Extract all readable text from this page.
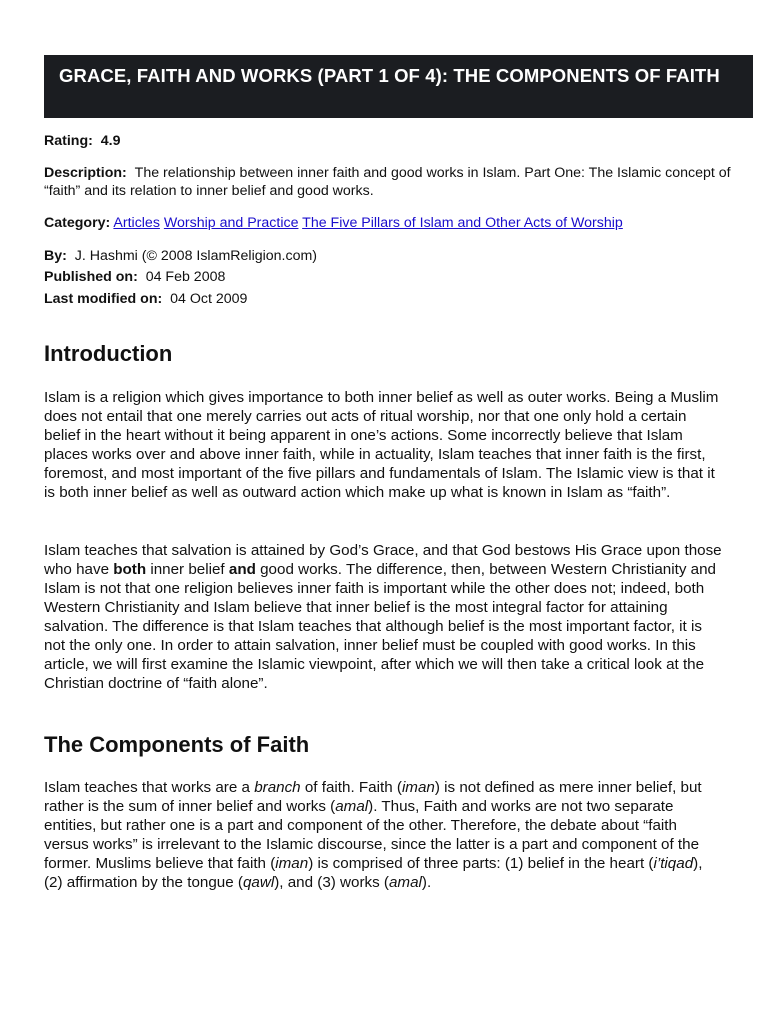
GRACE, FAITH AND WORKS (PART 1 OF 4): THE COMPONENTS OF FAITH
Rating: 4.9
Description: The relationship between inner faith and good works in Islam. Part One: The Islamic concept of “faith” and its relation to inner belief and good works.
Category: Articles Worship and Practice The Five Pillars of Islam and Other Acts of Worship
By: J. Hashmi (© 2008 IslamReligion.com)
Published on: 04 Feb 2008
Last modified on: 04 Oct 2009
Introduction

Islam is a religion which gives importance to both inner belief as well as outer works. Being a Muslim does not entail that one merely carries out acts of ritual worship, nor that one only hold a certain belief in the heart without it being apparent in one’s actions. Some incorrectly believe that Islam places works over and above inner faith, while in actuality, Islam teaches that inner faith is the first, foremost, and most important of the five pillars and fundamentals of Islam. The Islamic view is that it is both inner belief as well as outward action which make up what is known in Islam as “faith”.

Islam teaches that salvation is attained by God’s Grace, and that God bestows His Grace upon those who have both inner belief and good works. The difference, then, between Western Christianity and Islam is not that one religion believes inner faith is important while the other does not; indeed, both Western Christianity and Islam believe that inner belief is the most integral factor for attaining salvation. The difference is that Islam teaches that although belief is the most important factor, it is not the only one. In order to attain salvation, inner belief must be coupled with good works. In this article, we will first examine the Islamic viewpoint, after which we will then take a critical look at the Christian doctrine of “faith alone”.

The Components of Faith

Islam teaches that works are a branch of faith. Faith (iman) is not defined as mere inner belief, but rather is the sum of inner belief and works (amal). Thus, Faith and works are not two separate entities, but rather one is a part and component of the other. Therefore, the debate about “faith versus works” is irrelevant to the Islamic discourse, since the latter is a part and component of the former. Muslims believe that faith (iman) is comprised of three parts: (1) belief in the heart (i’tiqad), (2) affirmation by the tongue (qawl), and (3) works (amal).
